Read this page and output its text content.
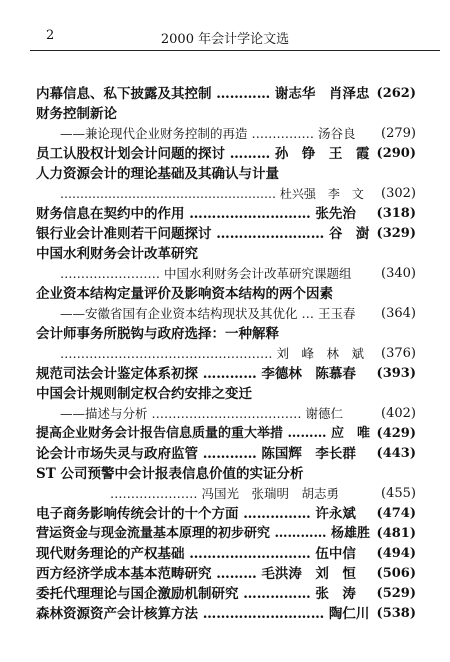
2	2000 年会计学论文选
内幕信息、私下披露及其控制 ………… 谢志华　肖泽忠 (262)
财务控制新论
——兼论现代企业财务控制的再造 …………… 汤谷良 (279)
员工认股权计划会计问题的探讨 ……… 孙　铮　王　霞 (290)
人力资源会计的理论基础及其确认与计量
……………………………………………… 杜兴强　李　文 (302)
财务信息在契约中的作用 ……………………… 张先治 (318)
银行业会计准则若干问题探讨 …………………… 谷　澍 (329)
中国水利财务会计改革研究
…………………… 中国水利财务会计改革研究课题组 (340)
企业资本结构定量评价及影响资本结构的两个因素
——安徽省国有企业资本结构现状及其优化 … 王玉春 (364)
会计师事务所脱钩与政府选择：一种解释
…………………………………………… 刘　峰　林　斌 (376)
规范司法会计鉴定体系初探 ………… 李德林　陈慕春 (393)
中国会计规则制定权合约安排之变迁
——描述与分析 ……………………………… 谢德仁	(402)
提高企业财务会计报告信息质量的重大举措 ……… 应　唯 (429)
论会计市场失灵与政府监管 ………… 陈国辉　李长群 (443)
ST 公司预警中会计报表信息价值的实证分析
………………… 冯国光　张瑞明　胡志勇	(455)
电子商务影响传统会计的十个方面 …………… 许永斌 (474)
营运资金与现金流量基本原理的初步研究 ………… 杨雄胜 (481)
现代财务理论的产权基础 ……………………… 伍中信 (494)
西方经济学成本基本范畴研究 ……… 毛洪涛　刘　恒 (506)
委托代理理论与国企激励机制研究 …………… 张　涛 (529)
森林资源资产会计核算方法 ……………………… 陶仁川 (538)
